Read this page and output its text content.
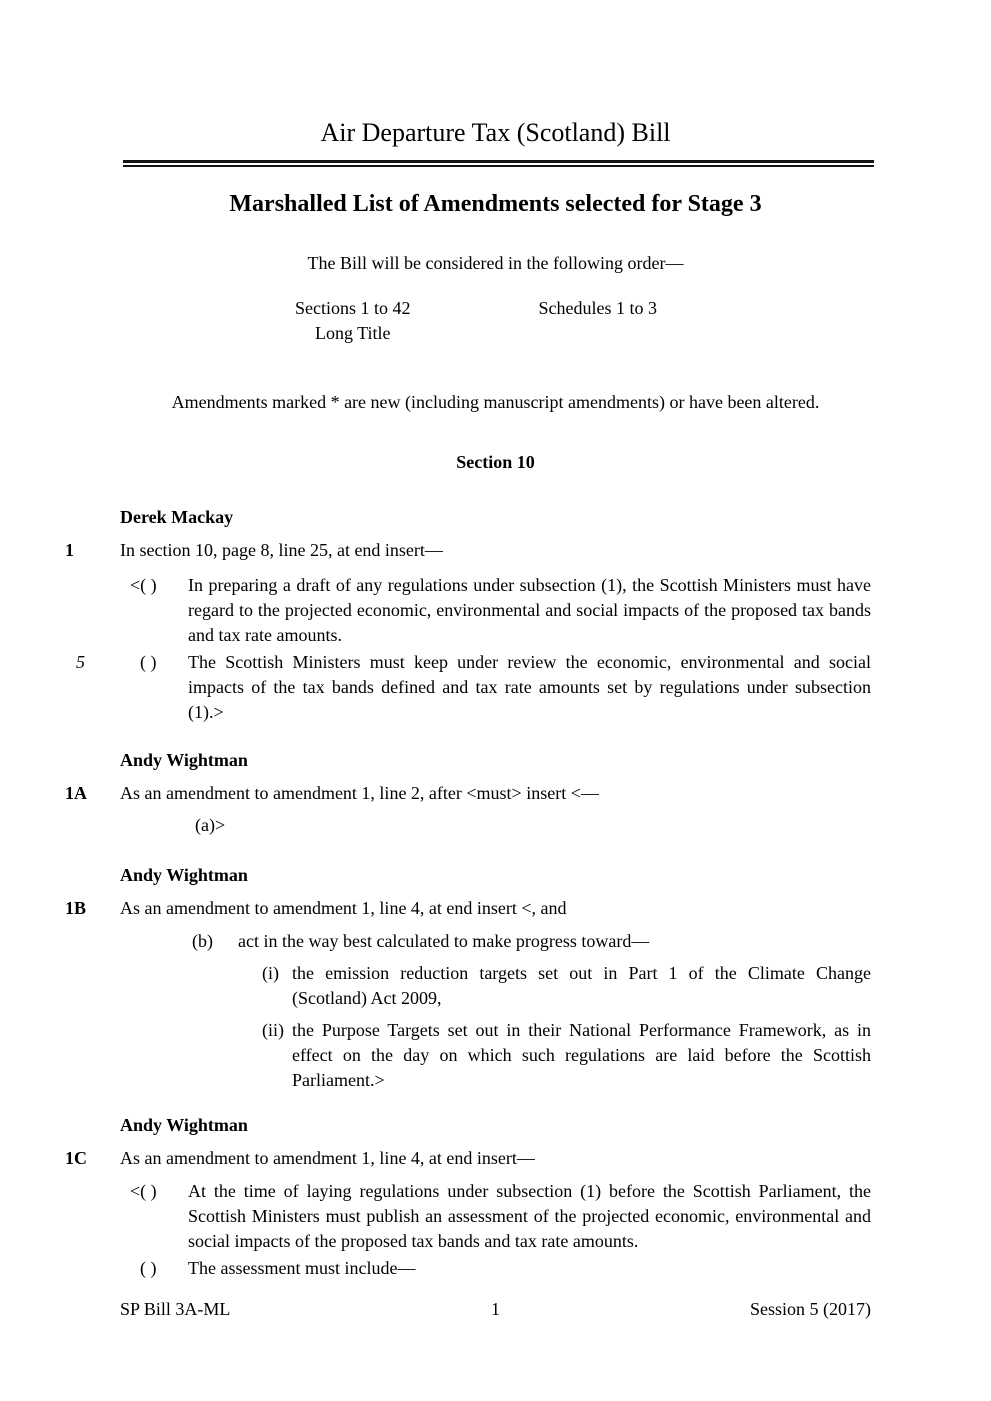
Air Departure Tax (Scotland) Bill
Marshalled List of Amendments selected for Stage 3

The Bill will be considered in the following order—

Sections 1 to 42
Long Title
Schedules 1 to 3

Amendments marked * are new (including manuscript amendments) or have been altered.

Section 10

Derek Mackay

1	In section 10, page 8, line 25, at end insert—

<( )	In preparing a draft of any regulations under subsection (1), the Scottish Ministers must have regard to the projected economic, environmental and social impacts of the proposed tax bands and tax rate amounts.

5	( )	The Scottish Ministers must keep under review the economic, environmental and social impacts of the tax bands defined and tax rate amounts set by regulations under subsection (1).>

Andy Wightman

1A	As an amendment to amendment 1, line 2, after <must> insert <—

(a)>

Andy Wightman

1B	As an amendment to amendment 1, line 4, at end insert <, and

(b)	act in the way best calculated to make progress toward—

(i) the emission reduction targets set out in Part 1 of the Climate Change (Scotland) Act 2009,

(ii) the Purpose Targets set out in their National Performance Framework, as in effect on the day on which such regulations are laid before the Scottish Parliament.>

Andy Wightman

1C	As an amendment to amendment 1, line 4, at end insert—

<( )	At the time of laying regulations under subsection (1) before the Scottish Parliament, the Scottish Ministers must publish an assessment of the projected economic, environmental and social impacts of the proposed tax bands and tax rate amounts.

( )	The assessment must include—

SP Bill 3A-ML	1	Session 5 (2017)
